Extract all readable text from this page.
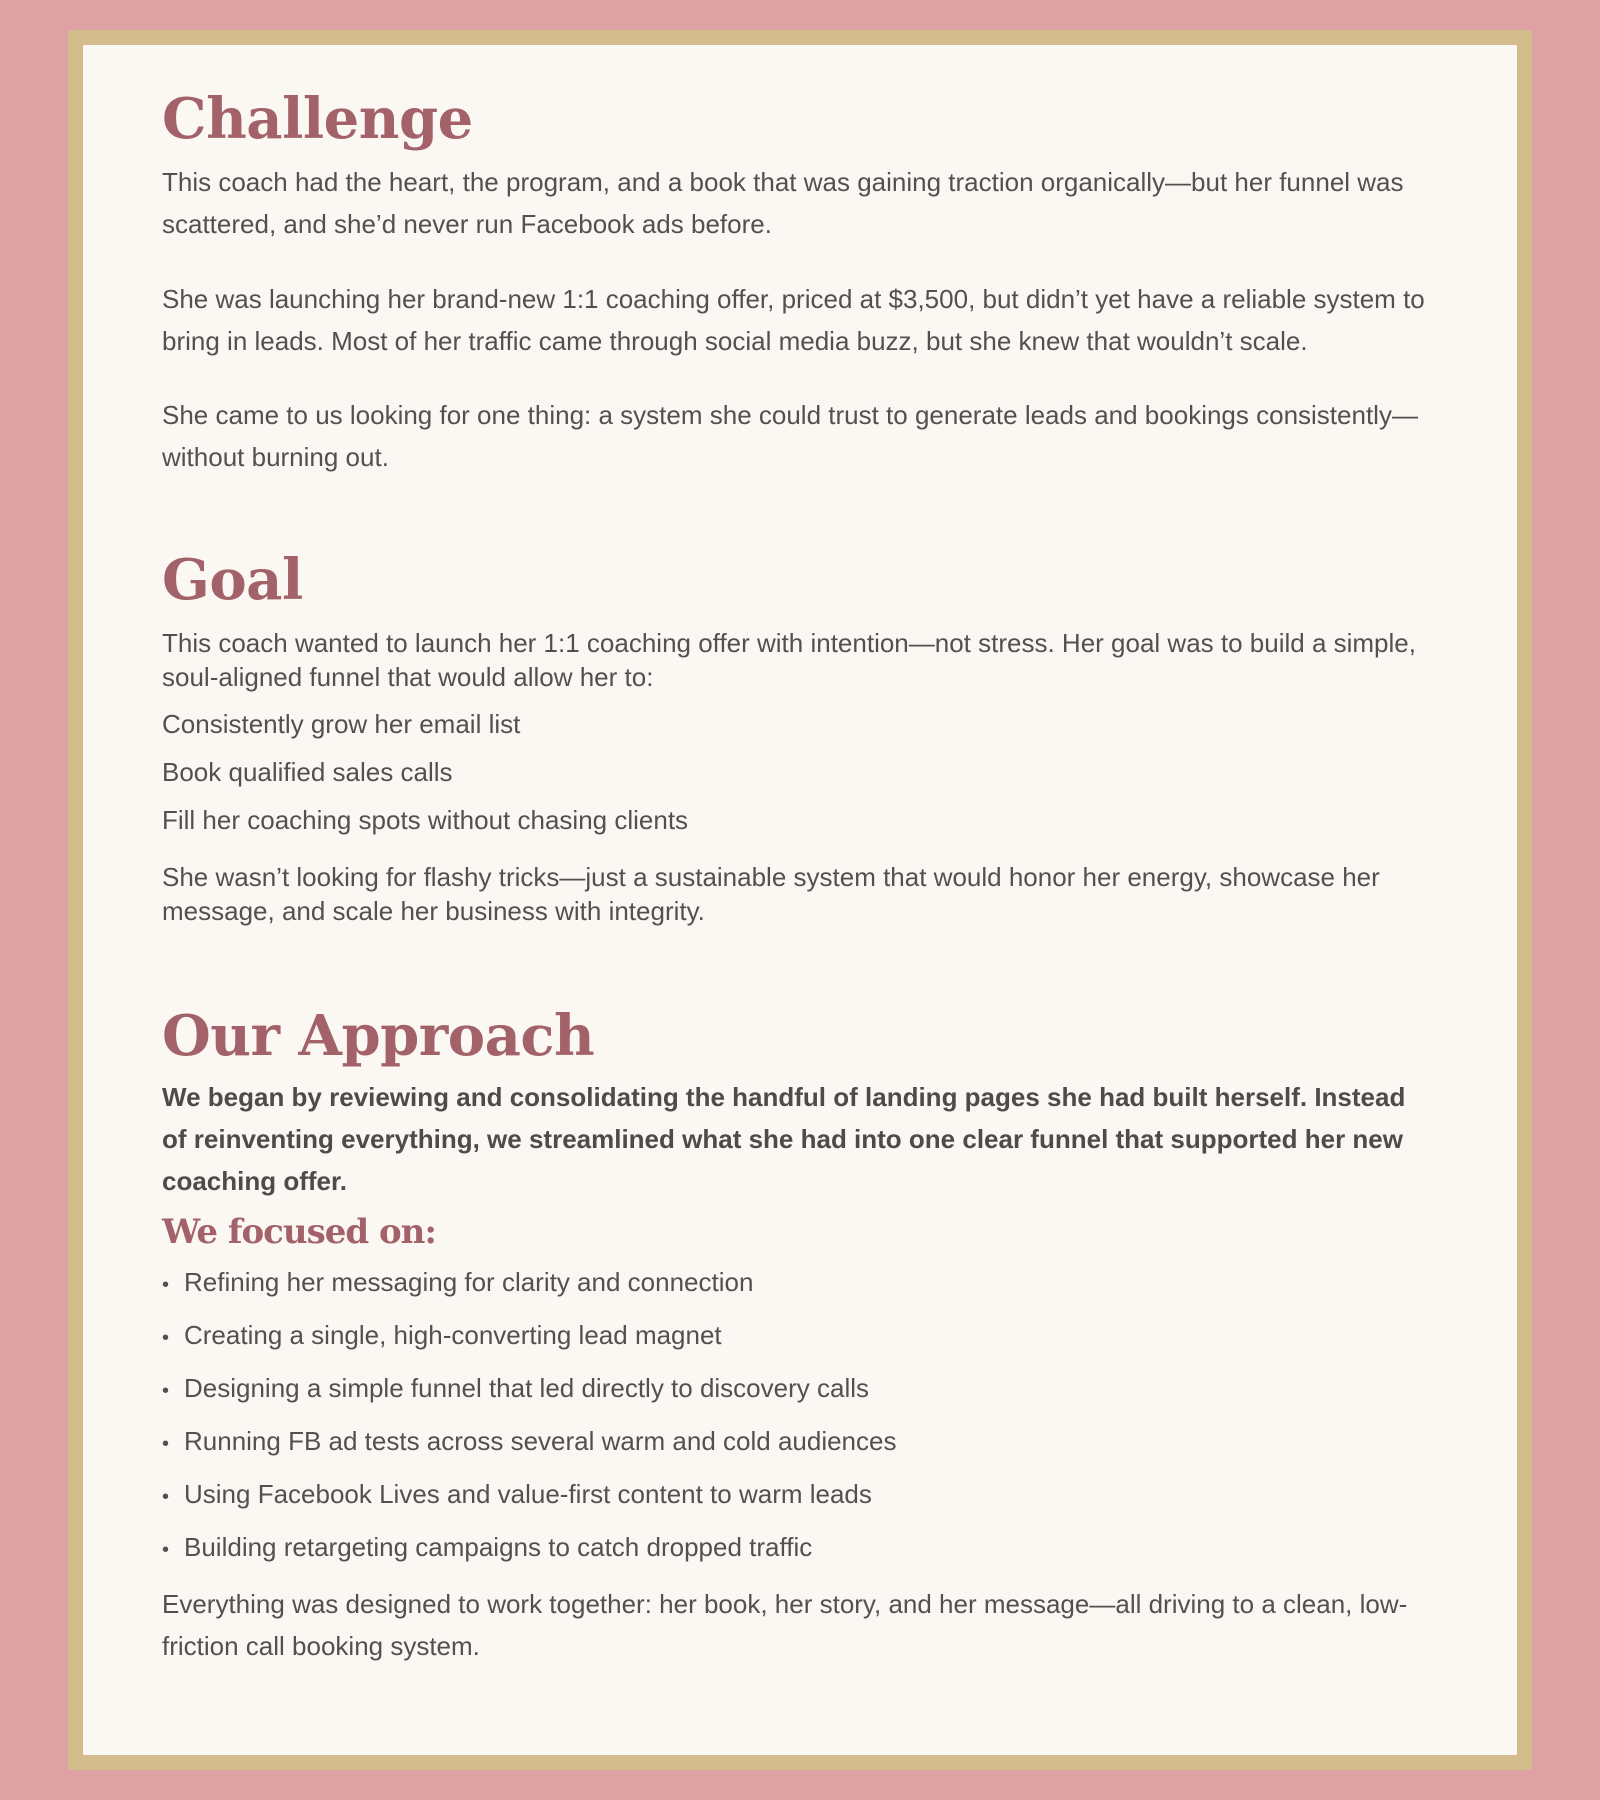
Challenge

This coach had the heart, the program, and a book that was gaining traction organically—but her funnel was scattered, and she’d never run Facebook ads before.

She was launching her brand-new 1:1 coaching offer, priced at $3,500, but didn’t yet have a reliable system to bring in leads. Most of her traffic came through social media buzz, but she knew that wouldn’t scale.

She came to us looking for one thing: a system she could trust to generate leads and bookings consistently—without burning out.

Goal

This coach wanted to launch her 1:1 coaching offer with intention—not stress. Her goal was to build a simple, soul-aligned funnel that would allow her to:

Consistently grow her email list

Book qualified sales calls

Fill her coaching spots without chasing clients

She wasn’t looking for flashy tricks—just a sustainable system that would honor her energy, showcase her message, and scale her business with integrity.

Our Approach

We began by reviewing and consolidating the handful of landing pages she had built herself. Instead of reinventing everything, we streamlined what she had into one clear funnel that supported her new coaching offer.

We focused on:
• Refining her messaging for clarity and connection
• Creating a single, high-converting lead magnet
• Designing a simple funnel that led directly to discovery calls
• Running FB ad tests across several warm and cold audiences
• Using Facebook Lives and value-first content to warm leads
• Building retargeting campaigns to catch dropped traffic

Everything was designed to work together: her book, her story, and her message—all driving to a clean, low-friction call booking system.
